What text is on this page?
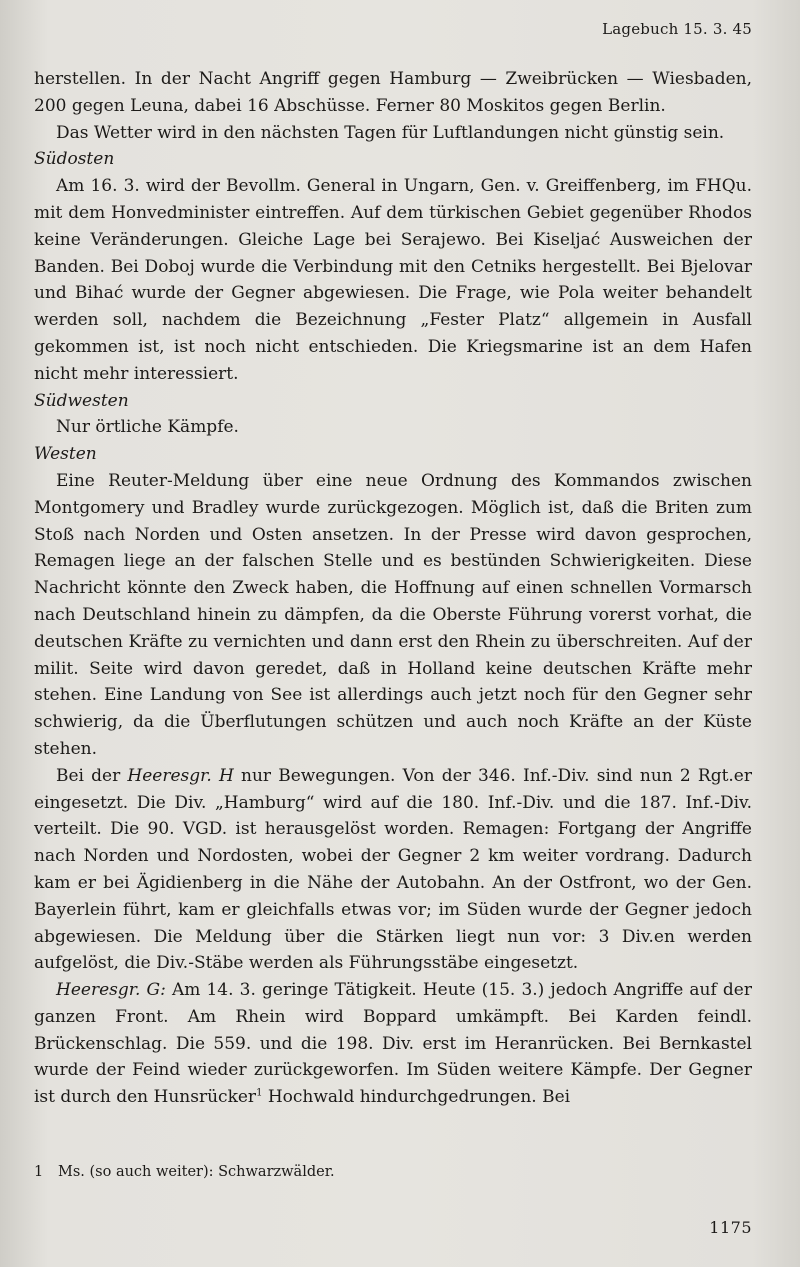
Lagebuch 15. 3. 45

herstellen. In der Nacht Angriff gegen Hamburg — Zweibrücken — Wiesbaden, 200 gegen Leuna, dabei 16 Abschüsse. Ferner 80 Moskitos gegen Berlin.

Das Wetter wird in den nächsten Tagen für Luftlandungen nicht günstig sein.

Südosten

Am 16. 3. wird der Bevollm. General in Ungarn, Gen. v. Greiffenberg, im FHQu. mit dem Honvedminister eintreffen. Auf dem türkischen Gebiet gegenüber Rhodos keine Veränderungen. Gleiche Lage bei Serajewo. Bei Kiseljać Ausweichen der Banden. Bei Doboj wurde die Verbindung mit den Cetniks hergestellt. Bei Bjelovar und Bihać wurde der Gegner abgewiesen. Die Frage, wie Pola weiter behandelt werden soll, nachdem die Bezeichnung „Fester Platz“ allgemein in Ausfall gekommen ist, ist noch nicht entschieden. Die Kriegsmarine ist an dem Hafen nicht mehr interessiert.

Südwesten

Nur örtliche Kämpfe.

Westen

Eine Reuter-Meldung über eine neue Ordnung des Kommandos zwischen Montgomery und Bradley wurde zurückgezogen. Möglich ist, daß die Briten zum Stoß nach Norden und Osten ansetzen. In der Presse wird davon gesprochen, Remagen liege an der falschen Stelle und es bestünden Schwierigkeiten. Diese Nachricht könnte den Zweck haben, die Hoffnung auf einen schnellen Vormarsch nach Deutschland hinein zu dämpfen, da die Oberste Führung vorerst vorhat, die deutschen Kräfte zu vernichten und dann erst den Rhein zu überschreiten. Auf der milit. Seite wird davon geredet, daß in Holland keine deutschen Kräfte mehr stehen. Eine Landung von See ist allerdings auch jetzt noch für den Gegner sehr schwierig, da die Überflutungen schützen und auch noch Kräfte an der Küste stehen.

Bei der Heeresgr. H nur Bewegungen. Von der 346. Inf.-Div. sind nun 2 Rgt.er eingesetzt. Die Div. „Hamburg“ wird auf die 180. Inf.-Div. und die 187. Inf.-Div. verteilt. Die 90. VGD. ist herausgelöst worden. Remagen: Fortgang der Angriffe nach Norden und Nordosten, wobei der Gegner 2 km weiter vordrang. Dadurch kam er bei Ägidienberg in die Nähe der Autobahn. An der Ostfront, wo der Gen. Bayerlein führt, kam er gleichfalls etwas vor; im Süden wurde der Gegner jedoch abgewiesen. Die Meldung über die Stärken liegt nun vor: 3 Div.en werden aufgelöst, die Div.-Stäbe werden als Führungsstäbe eingesetzt.

Heeresgr. G: Am 14. 3. geringe Tätigkeit. Heute (15. 3.) jedoch Angriffe auf der ganzen Front. Am Rhein wird Boppard umkämpft. Bei Karden feindl. Brückenschlag. Die 559. und die 198. Div. erst im Heranrücken. Bei Bernkastel wurde der Feind wieder zurückgeworfen. Im Süden weitere Kämpfe. Der Gegner ist durch den Hunsrücker$^1$ Hochwald hindurchgedrungen. Bei

1 Ms. (so auch weiter): Schwarzwälder.
1175
